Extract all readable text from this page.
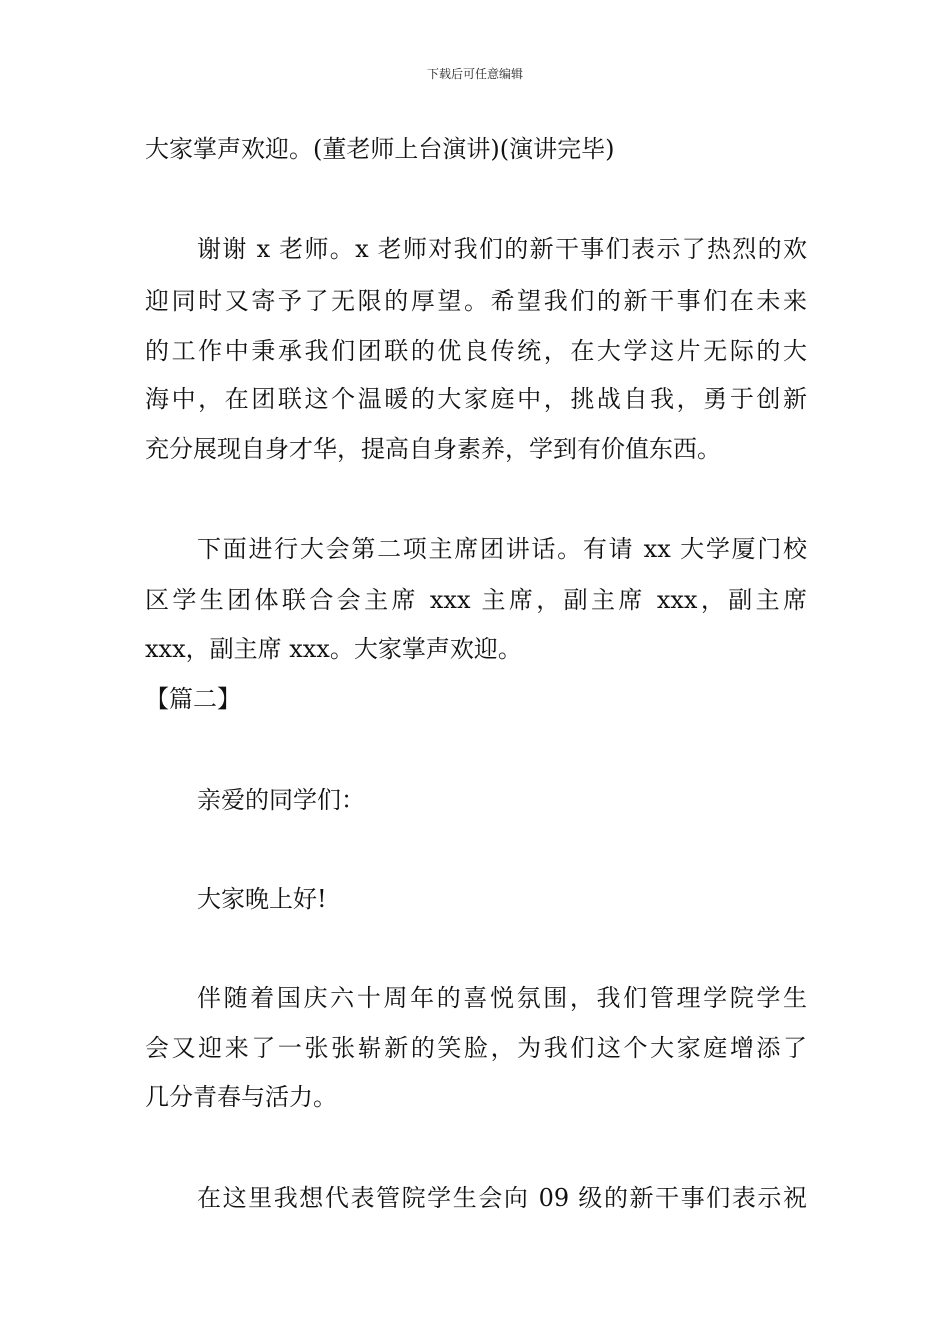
下载后可任意编辑
大家掌声欢迎。(董老师上台演讲)(演讲完毕)
谢谢 x 老师。x 老师对我们的新干事们表示了热烈的欢
迎同时又寄予了无限的厚望。希望我们的新干事们在未来
的工作中秉承我们团联的优良传统，在大学这片无际的大
海中，在团联这个温暖的大家庭中，挑战自我，勇于创新
充分展现自身才华，提高自身素养，学到有价值东西。
下面进行大会第二项主席团讲话。有请 xx 大学厦门校
区学生团体联合会主席 xxx 主席，副主席 xxx，副主席
xxx，副主席 xxx。大家掌声欢迎。
【篇二】
亲爱的同学们：
大家晚上好!
伴随着国庆六十周年的喜悦氛围，我们管理学院学生
会又迎来了一张张崭新的笑脸，为我们这个大家庭增添了
几分青春与活力。
在这里我想代表管院学生会向 09 级的新干事们表示祝
